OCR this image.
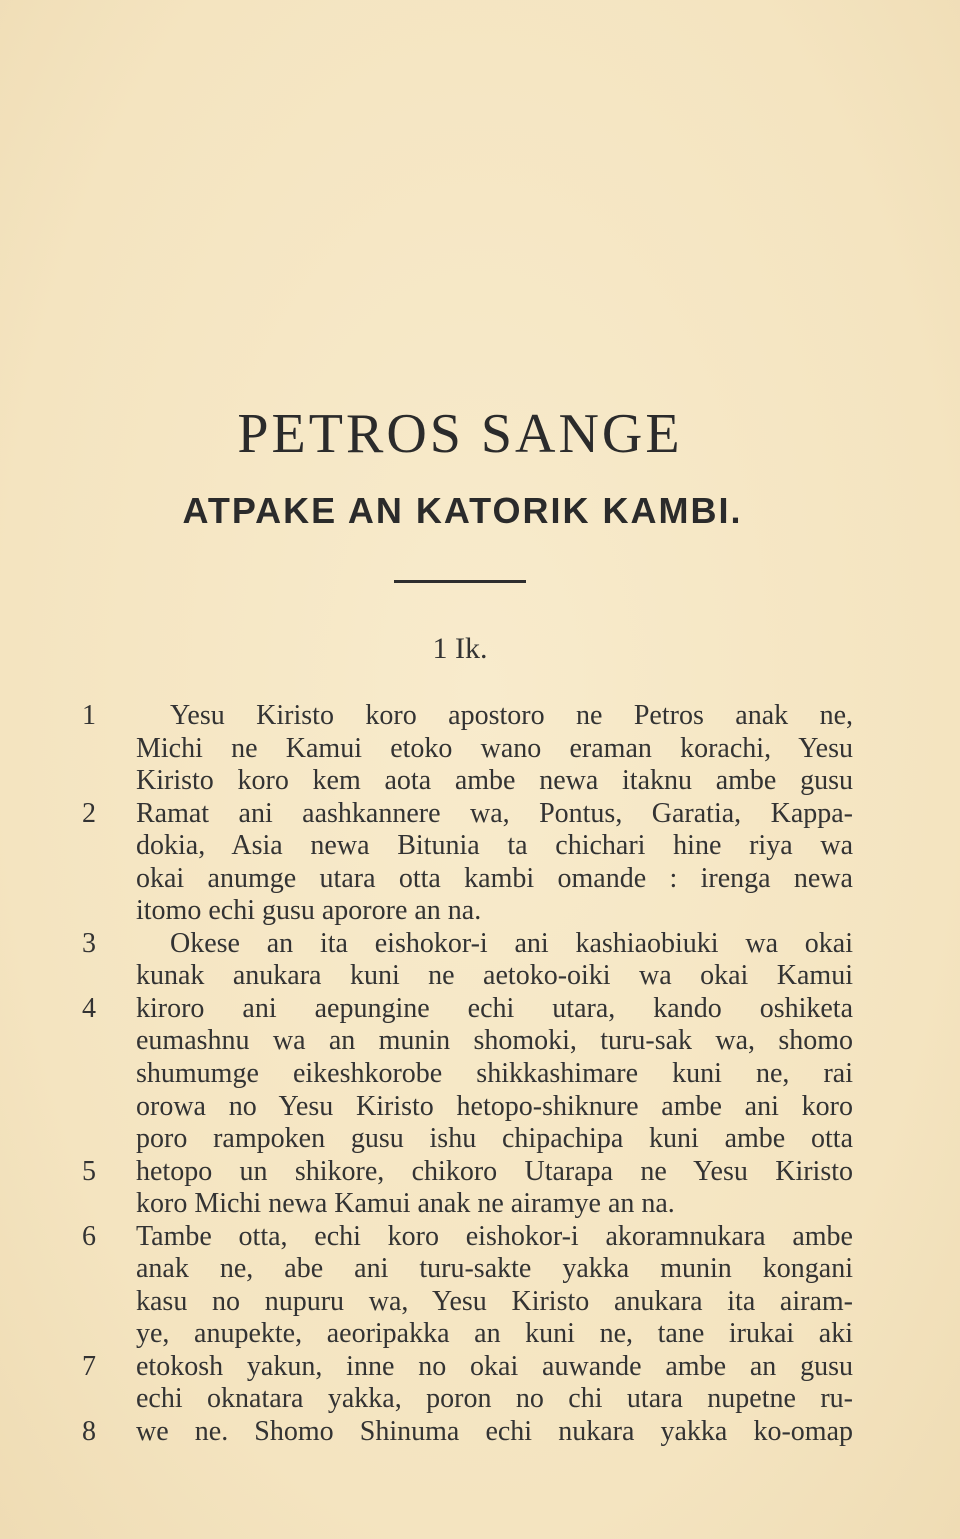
PETROS SANGE
ATPAKE AN KATORIK KAMBI.
1 Ik.
1	Yesu Kiristo koro apostoro ne Petros anak ne,
Michi ne Kamui etoko wano eraman korachi, Yesu
Kiristo koro kem aota ambe newa itaknu ambe gusu
2	Ramat ani aashkannere wa, Pontus, Garatia, Kappa-
dokia, Asia newa Bitunia ta chichari hine riya wa
okai anumge utara otta kambi omande : irenga newa
itomo echi gusu aporore an na.
3	Okese an ita eishokor-i ani kashiaobiuki wa okai
kunak anukara kuni ne aetoko-oiki wa okai Kamui
4	kiroro ani aepungine echi utara, kando oshiketa
eumashnu wa an munin shomoki, turu-sak wa, shomo
shumumge eikeshkorobe shikkashimare kuni ne, rai
orowa no Yesu Kiristo hetopo-shiknure ambe ani koro
poro rampoken gusu ishu chipachipa kuni ambe otta
5	hetopo un shikore, chikoro Utarapa ne Yesu Kiristo
koro Michi newa Kamui anak ne airamye an na.
6	Tambe otta, echi koro eishokor-i akoramnukara ambe
anak ne, abe ani turu-sakte yakka munin kongani
kasu no nupuru wa, Yesu Kiristo anukara ita airam-
ye, anupekte, aeoripakka an kuni ne, tane irukai aki
7	etokosh yakun, inne no okai auwande ambe an gusu
echi oknatara yakka, poron no chi utara nupetne ru-
8	we ne. Shomo Shinuma echi nukara yakka ko-omap
